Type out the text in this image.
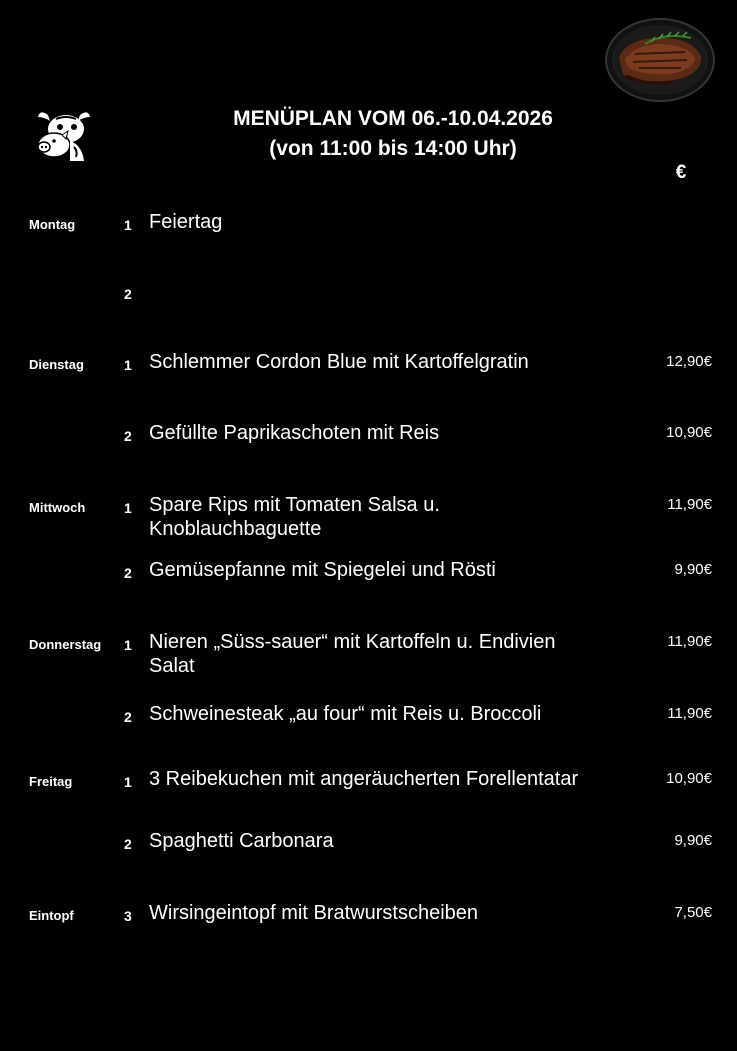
MENÜPLAN VOM 06.-10.04.2026
(von 11:00 bis 14:00 Uhr)
€
Montag	1 Feiertag
2
Dienstag	1 Schlemmer Cordon Blue mit Kartoffelgratin	12,90€
2 Gefüllte Paprikaschoten mit Reis	10,90€
Mittwoch	1 Spare Rips mit Tomaten Salsa u.
Knoblauchbaguette
11,90€
2 Gemüsepfanne mit Spiegelei und Rösti	9,90€
Donnerstag 1 Nieren „Süss-sauer“ mit Kartoffeln u. Endivien
Salat
11,90€
2 Schweinesteak „au four“ mit Reis u. Broccoli	11,90€
Freitag	1 3 Reibekuchen mit angeräucherten Forellentatar	10,90€
2 Spaghetti Carbonara	9,90€
Eintopf	3 Wirsingeintopf mit Bratwurstscheiben	7,50€
